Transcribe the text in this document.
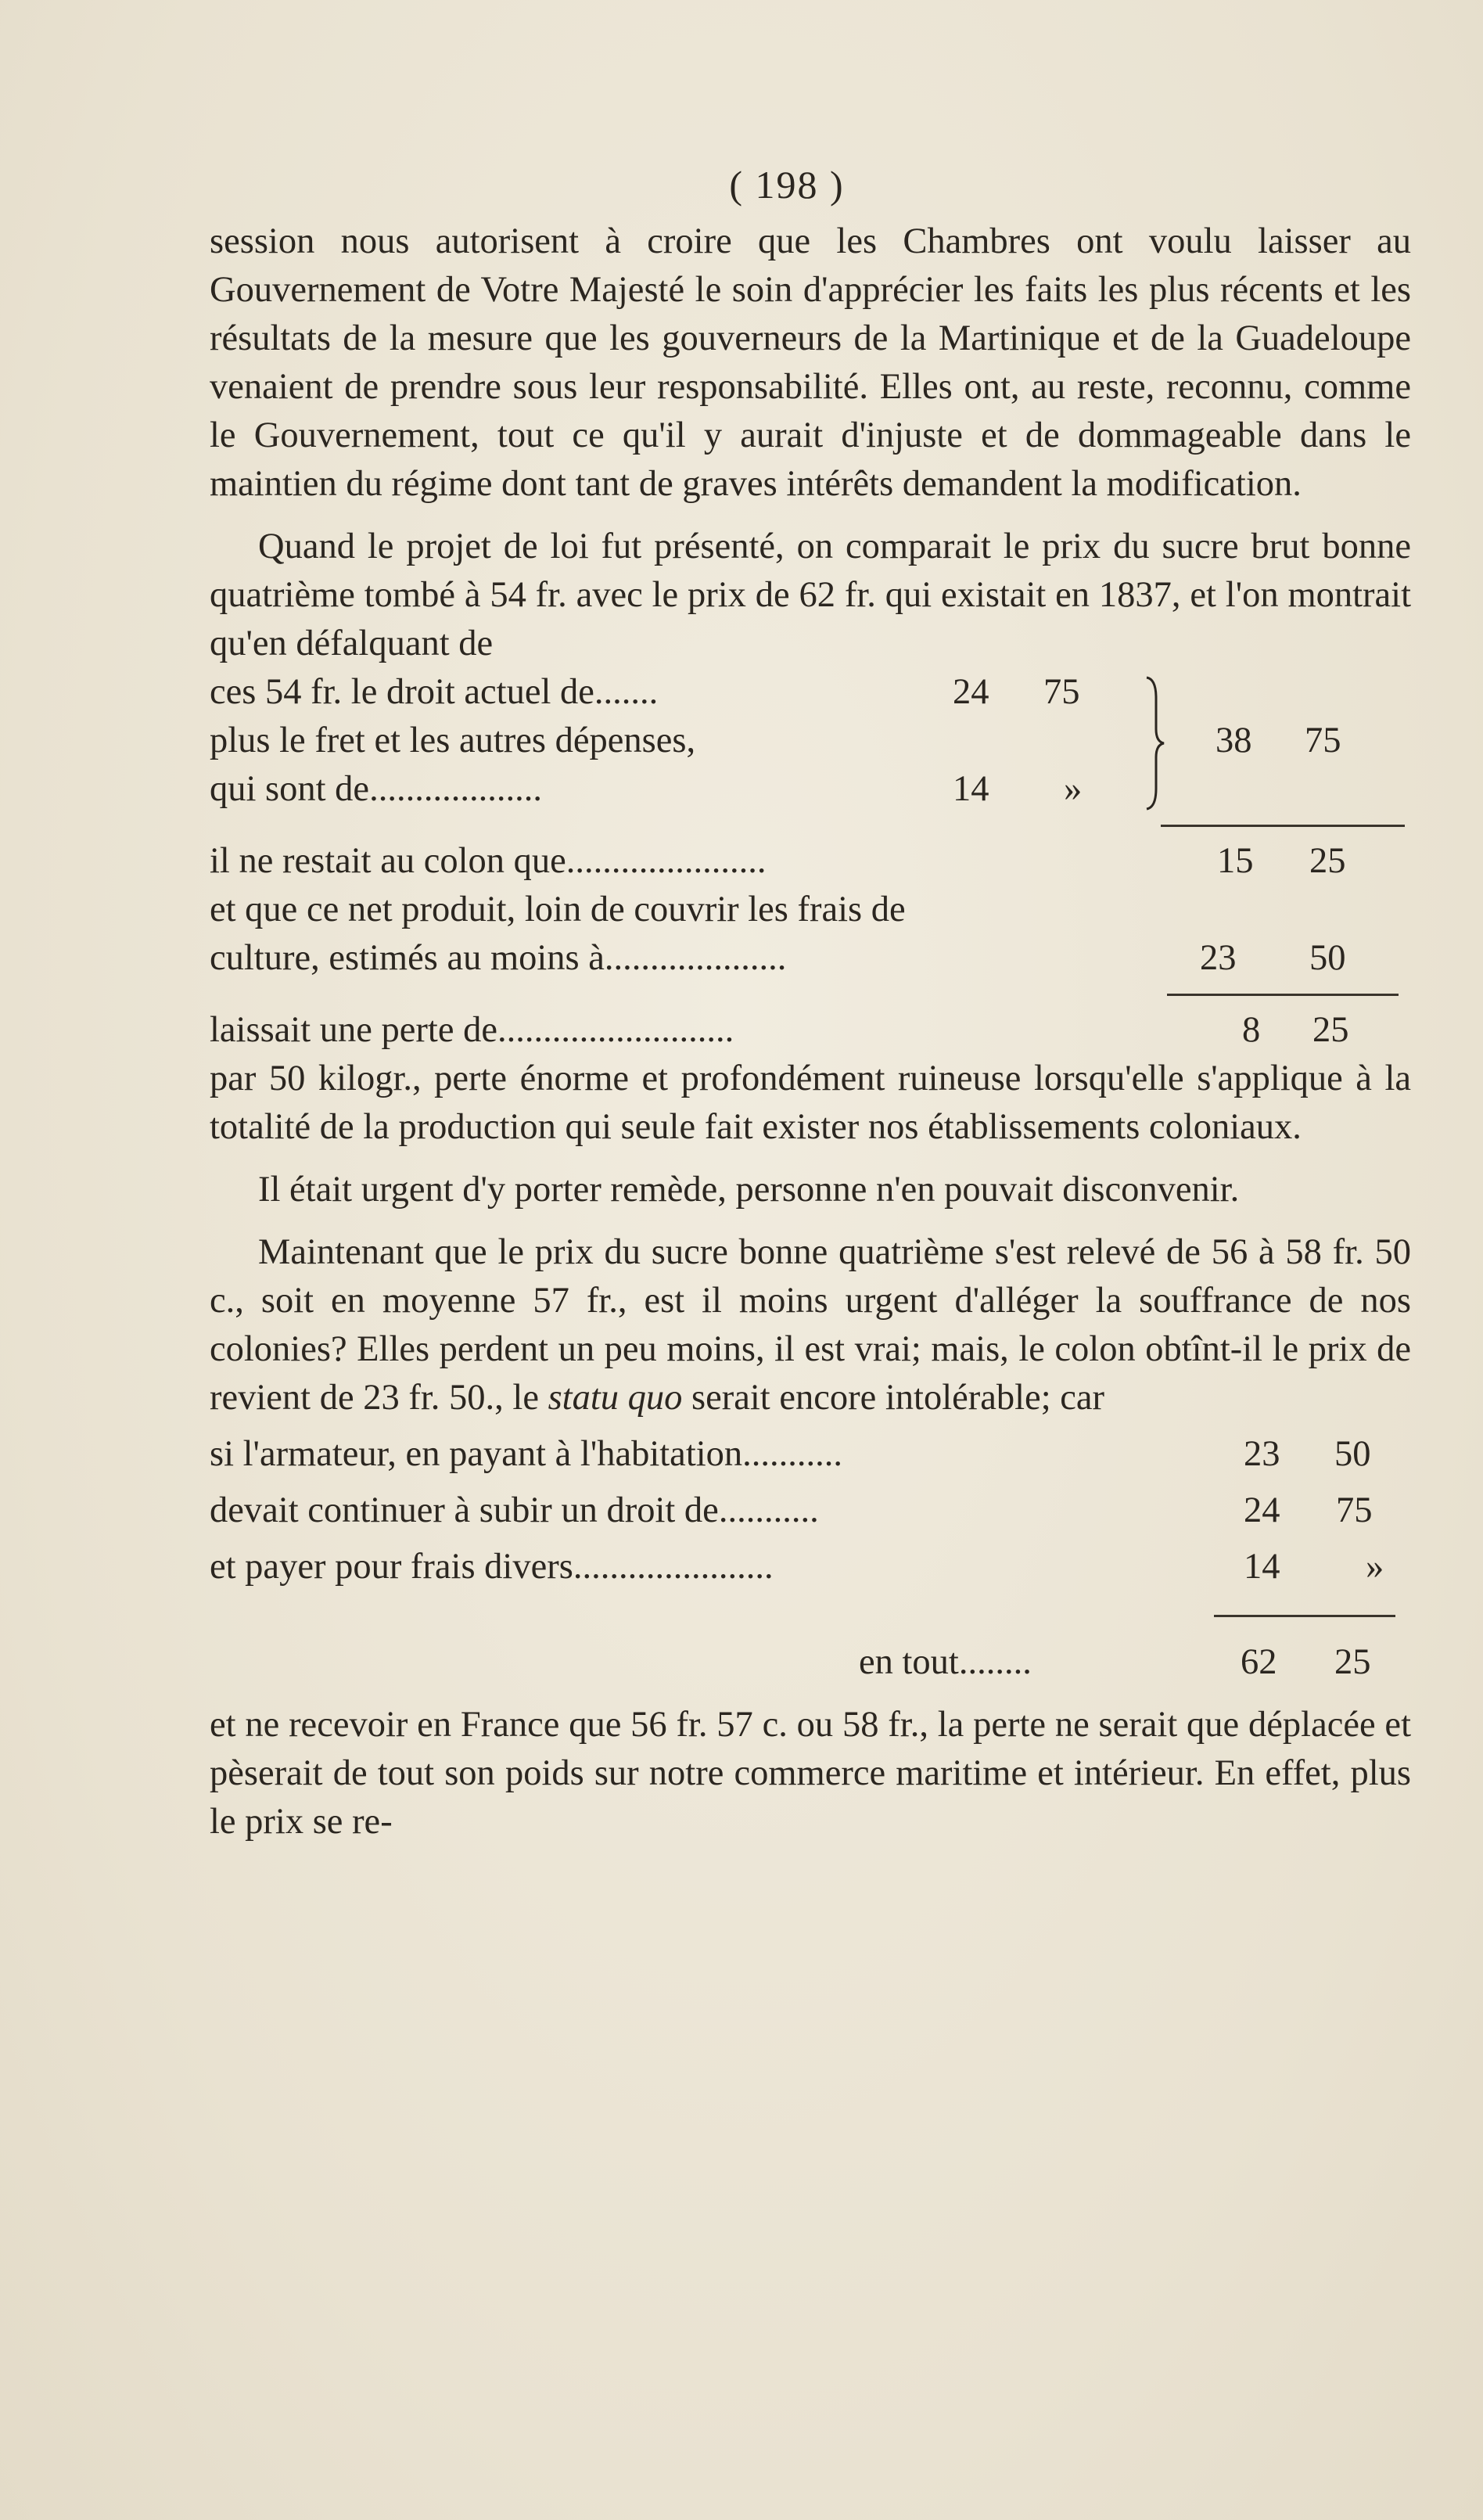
( 198 )

session nous autorisent à croire que les Chambres ont voulu laisser au Gouvernement de Votre Majesté le soin d'apprécier les faits les plus récents et les résultats de la mesure que les gouverneurs de la Martinique et de la Guadeloupe venaient de prendre sous leur responsabilité. Elles ont, au reste, reconnu, comme le Gouvernement, tout ce qu'il y aurait d'injuste et de dommageable dans le maintien du régime dont tant de graves intérêts demandent la modification.

Quand le projet de loi fut présenté, on comparait le prix du sucre brut bonne quatrième tombé à 54 fr. avec le prix de 62 fr. qui existait en 1837, et l'on montrait qu'en défalquant de

ces 54 fr. le droit actuel de.......	24 75
plus le fret et les autres dépenses,	38 75
qui sont de...................	14 »
il ne restait au colon que......................	15 25
et que ce net produit, loin de couvrir les frais de
culture, estimés au moins à....................	23 50
laissait une perte de..........................	8 25

par 50 kilogr., perte énorme et profondément ruineuse lorsqu'elle s'applique à la totalité de la production qui seule fait exister nos établissements coloniaux.

Il était urgent d'y porter remède, personne n'en pouvait disconvenir.

Maintenant que le prix du sucre bonne quatrième s'est relevé de 56 à 58 fr. 50 c., soit en moyenne 57 fr., est il moins urgent d'alléger la souffrance de nos colonies? Elles perdent un peu moins, il est vrai; mais, le colon obtînt-il le prix de revient de 23 fr. 50., le statu quo serait encore intolérable; car

si l'armateur, en payant à l'habitation...........	23 50
devait continuer à subir un droit de...........	24 75
et payer pour frais divers......................	14 »
en tout........	62 25

et ne recevoir en France que 56 fr. 57 c. ou 58 fr., la perte ne serait que déplacée et pèserait de tout son poids sur notre commerce maritime et intérieur. En effet, plus le prix se re-
